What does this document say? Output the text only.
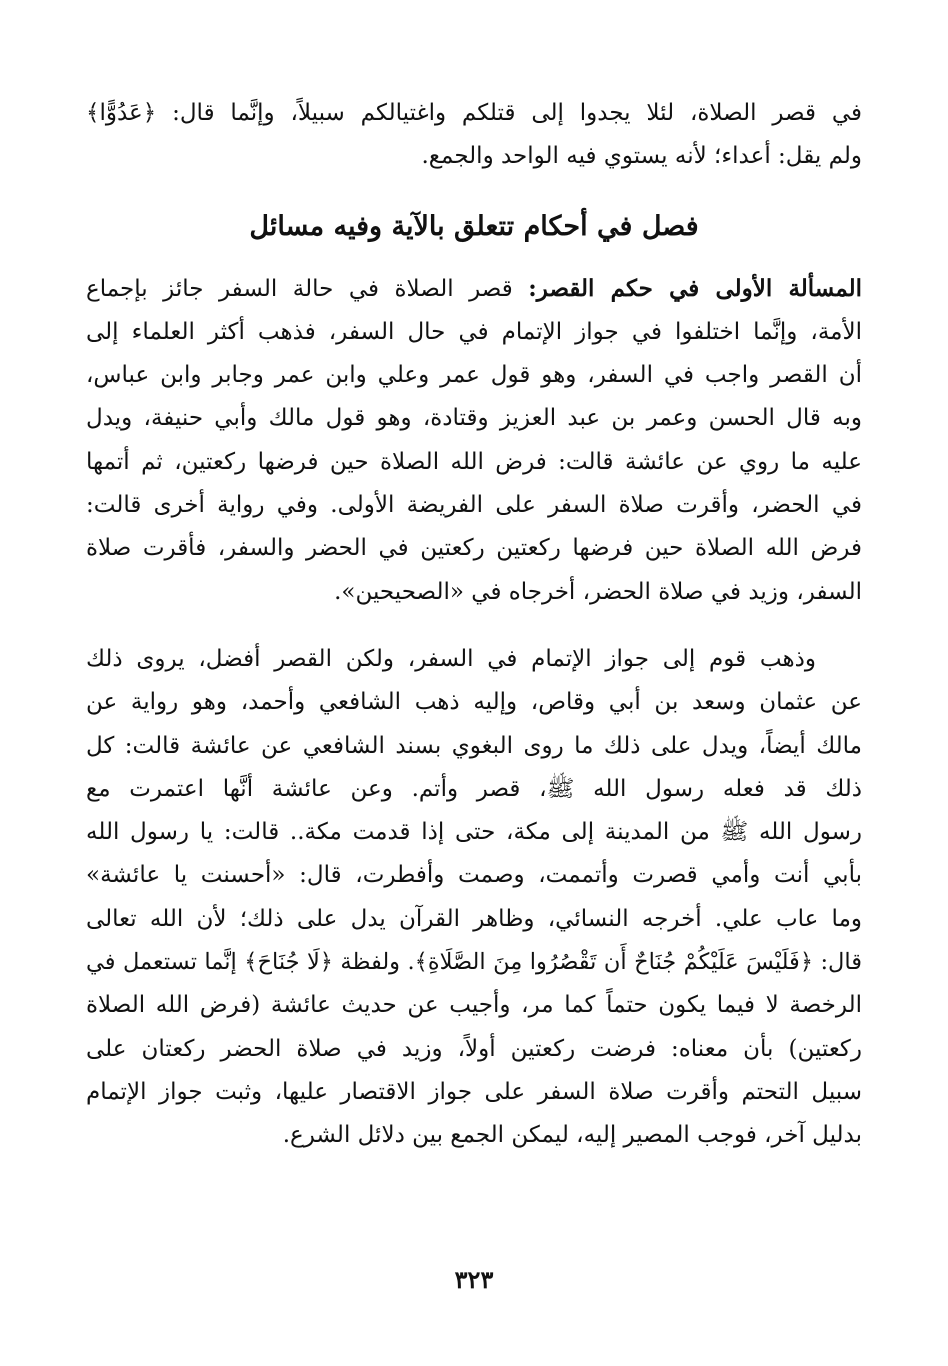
في قصر الصلاة، لئلا يجدوا إلى قتلكم واغتيالكم سبيلاً، وإنَّما قال: ﴿عَدُوًّا﴾
ولم يقل: أعداء؛ لأنه يستوي فيه الواحد والجمع.

فصل في أحكام تتعلق بالآية وفيه مسائل

المسألة الأولى في حكم القصر: قصر الصلاة في حالة السفر جائز بإجماع
الأمة، وإنَّما اختلفوا في جواز الإتمام في حال السفر، فذهب أكثر العلماء إلى
أن القصر واجب في السفر، وهو قول عمر وعلي وابن عمر وجابر وابن عباس،
وبه قال الحسن وعمر بن عبد العزيز وقتادة، وهو قول مالك وأبي حنيفة، ويدل
عليه ما روي عن عائشة قالت: فرض الله الصلاة حين فرضها ركعتين، ثم أتمها
في الحضر، وأقرت صلاة السفر على الفريضة الأولى. وفي رواية أخرى قالت:
فرض الله الصلاة حين فرضها ركعتين ركعتين في الحضر والسفر، فأقرت صلاة
السفر، وزيد في صلاة الحضر، أخرجاه في «الصحيحين».

وذهب قوم إلى جواز الإتمام في السفر، ولكن القصر أفضل، يروى ذلك
عن عثمان وسعد بن أبي وقاص، وإليه ذهب الشافعي وأحمد، وهو رواية عن
مالك أيضاً، ويدل على ذلك ما روى البغوي بسند الشافعي عن عائشة قالت: كل
ذلك قد فعله رسول الله ﷺ، قصر وأتم. وعن عائشة أنَّها اعتمرت مع
رسول الله ﷺ من المدينة إلى مكة، حتى إذا قدمت مكة.. قالت: يا رسول الله
بأبي أنت وأمي قصرت وأتممت، وصمت وأفطرت، قال: «أحسنت يا عائشة»
وما عاب علي. أخرجه النسائي، وظاهر القرآن يدل على ذلك؛ لأن الله تعالى
قال: ﴿فَلَيْسَ عَلَيْكُمْ جُنَاحٌ أَن تَقْصُرُوا مِنَ الصَّلَاةِ﴾. ولفظة ﴿لَا جُنَاحَ﴾ إنَّما تستعمل في
الرخصة لا فيما يكون حتماً كما مر، وأجيب عن حديث عائشة (فرض الله الصلاة
ركعتين) بأن معناه: فرضت ركعتين أولاً، وزيد في صلاة الحضر ركعتان على
سبيل التحتم وأقرت صلاة السفر على جواز الاقتصار عليها، وثبت جواز الإتمام
بدليل آخر، فوجب المصير إليه، ليمكن الجمع بين دلائل الشرع.

٣٢٣
